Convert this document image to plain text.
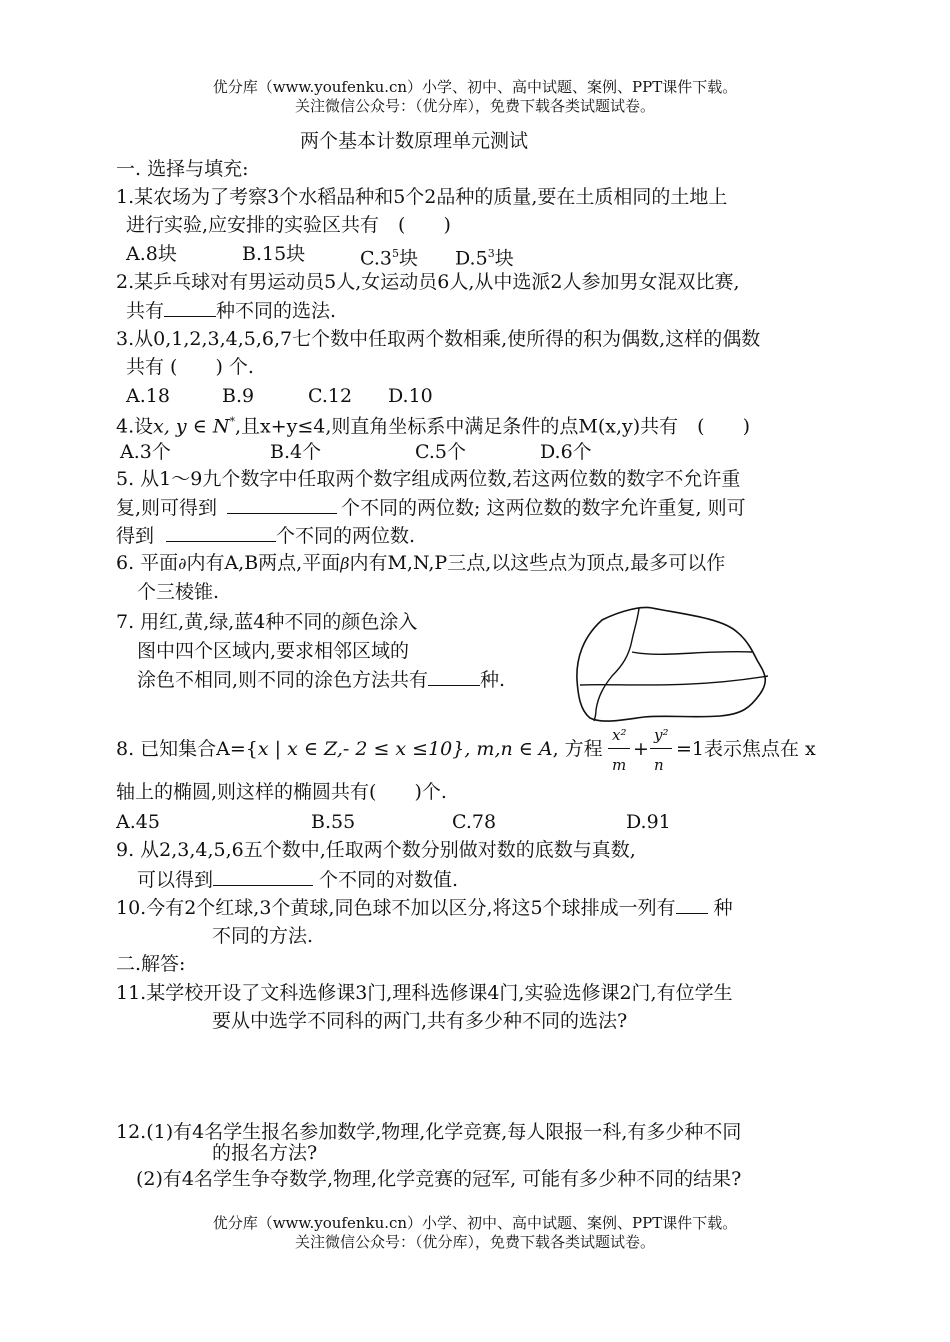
优分库（www.youfenku.cn）小学、初中、高中试题、案例、PPT课件下载。
关注微信公众号：（优分库），免费下载各类试题试卷。
两个基本计数原理单元测试
一. 选择与填充:
1.某农场为了考察3个水稻品种和5个2品种的质量,要在土质相同的土地上
进行实验,应安排的实验区共有　(　　)
A.8块	B.15块	$C.3^5$块 $D.5^3$块
2.某乒乓球对有男运动员5人,女运动员6人,从中选派2人参加男女混双比赛,
共有	种不同的选法.
3.从0,1,2,3,4,5,6,7七个数中任取两个数相乘,使所得的积为偶数,这样的偶数
共有 (　　) 个.
A.18	B.9	C.12 D.10
4.设x, y ∈ N*,且x+y≤4,则直角坐标系中满足条件的点M(x,y)共有　(　　)
A.3个	B.4个	C.5个	D.6个
5. 从1～9九个数字中任取两个数字组成两位数,若这两位数的数字不允许重
复,则可得到	个不同的两位数; 这两位数的数字允许重复, 则可
得到	个不同的两位数.
6. 平面∂内有A,B两点,平面β内有M,N,P三点,以这些点为顶点,最多可以作
个三棱锥.
7. 用红,黄,绿,蓝4种不同的颜色涂入
图中四个区域内,要求相邻区域的
涂色不相同,则不同的涂色方法共有	种.
8. 已知集合A={x | x ∈ Z,- 2 ≤ x ≤10}, m,n ∈ A, 方程
x²
m
+
y²
n
=1表示焦点在 x
轴上的椭圆,则这样的椭圆共有(　　)个.
A.45	B.55	C.78	D.91
9. 从2,3,4,5,6五个数中,任取两个数分别做对数的底数与真数,
可以得到	个不同的对数值.
10.今有2个红球,3个黄球,同色球不加以区分,将这5个球排成一列有 种
不同的方法.
二.解答:
11.某学校开设了文科选修课3门,理科选修课4门,实验选修课2门,有位学生
要从中选学不同科的两门,共有多少种不同的选法?
12.(1)有4名学生报名参加数学,物理,化学竞赛,每人限报一科,有多少种不同
的报名方法?
(2)有4名学生争夺数学,物理,化学竞赛的冠军, 可能有多少种不同的结果?
优分库（www.youfenku.cn）小学、初中、高中试题、案例、PPT课件下载。
关注微信公众号：（优分库），免费下载各类试题试卷。
